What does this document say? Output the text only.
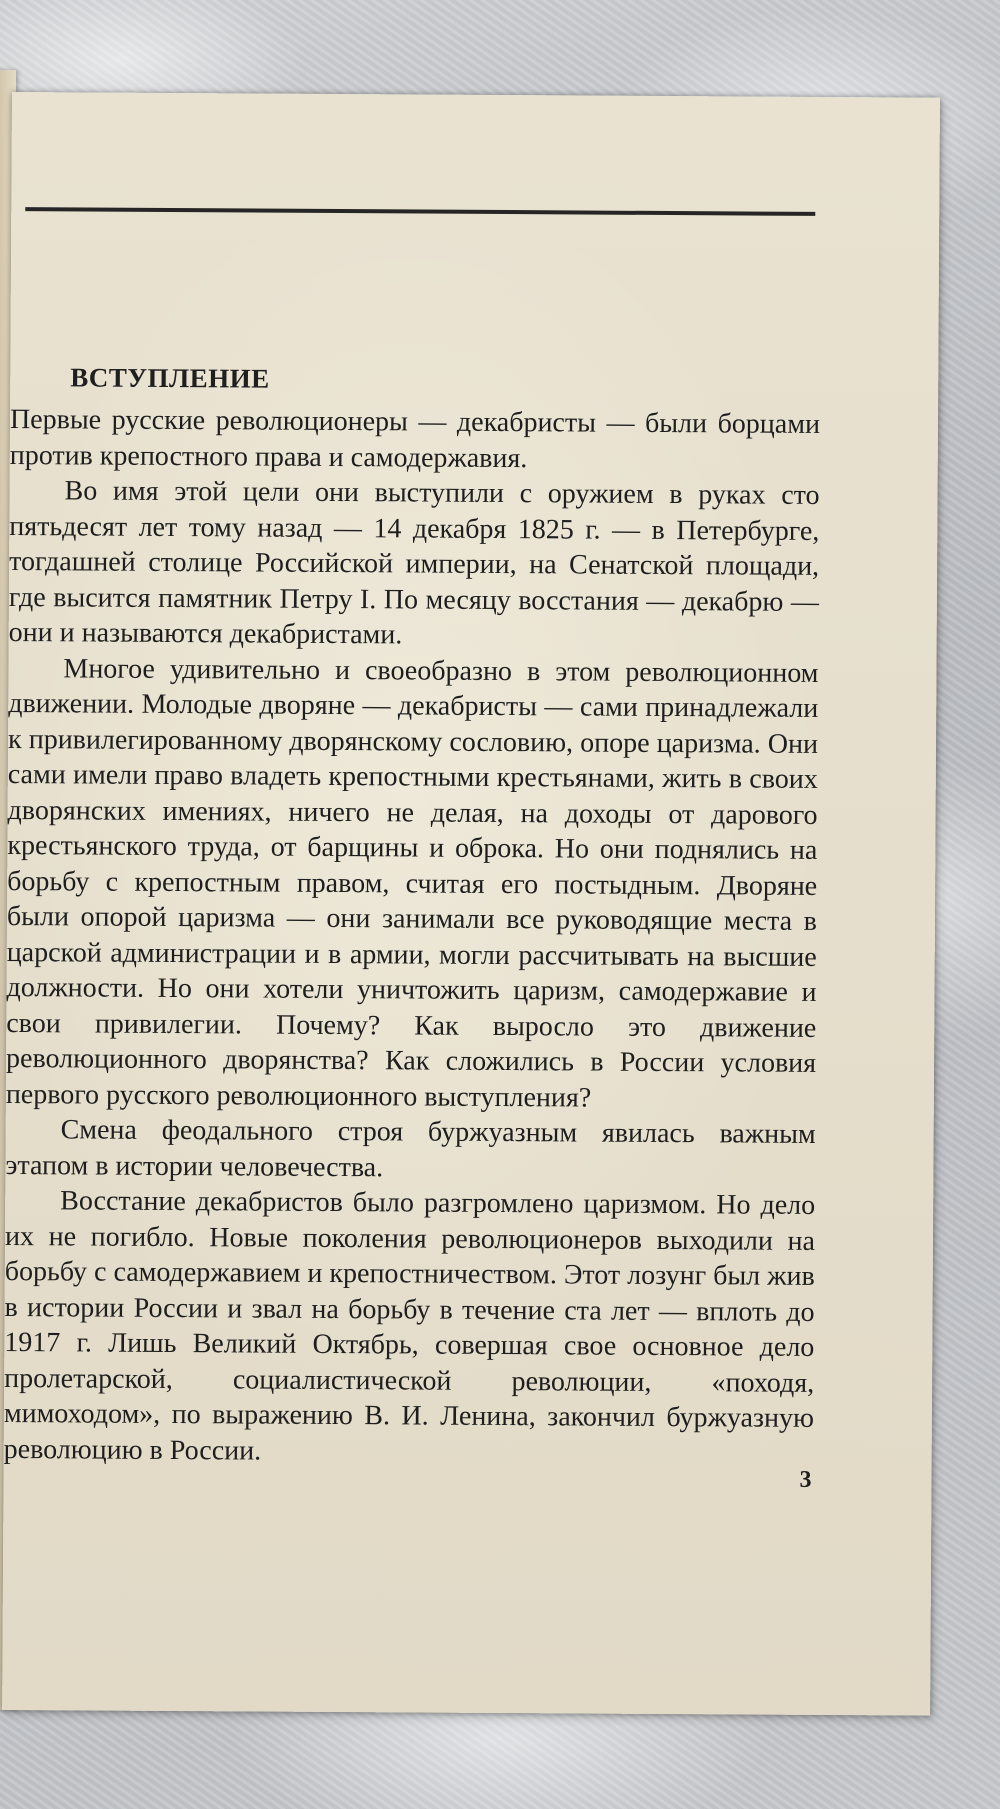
ВСТУПЛЕНИЕ

Первые русские революционеры — декабристы — были борцами против крепостного права и самодержавия.

Во имя этой цели они выступили с оружием в руках сто пятьдесят лет тому назад — 14 декабря 1825 г. — в Петербурге, тогдашней столице Российской империи, на Сенатской площади, где высится памятник Петру I. По месяцу восстания — декабрю — они и называются декабристами.

Многое удивительно и своеобразно в этом революционном движении. Молодые дворяне — декабристы — сами принадлежали к привилегированному дворянскому сословию, опоре царизма. Они сами имели право владеть крепостными крестьянами, жить в своих дворянских имениях, ничего не делая, на доходы от дарового крестьянского труда, от барщины и оброка. Но они поднялись на борьбу с крепостным правом, считая его постыдным. Дворяне были опорой царизма — они занимали все руководящие места в царской администрации и в армии, могли рассчитывать на высшие должности. Но они хотели уничтожить царизм, самодержавие и свои привилегии. Почему? Как выросло это движение революционного дворянства? Как сложились в России условия первого русского революционного выступления?

Смена феодального строя буржуазным явилась важным этапом в истории человечества.

Восстание декабристов было разгромлено царизмом. Но дело их не погибло. Новые поколения революционеров выходили на борьбу с самодержавием и крепостничеством. Этот лозунг был жив в истории России и звал на борьбу в течение ста лет — вплоть до 1917 г. Лишь Великий Октябрь, совершая свое основное дело пролетарской, социалистической революции, «походя, мимоходом», по выражению В. И. Ленина, закончил буржуазную революцию в России.

3
